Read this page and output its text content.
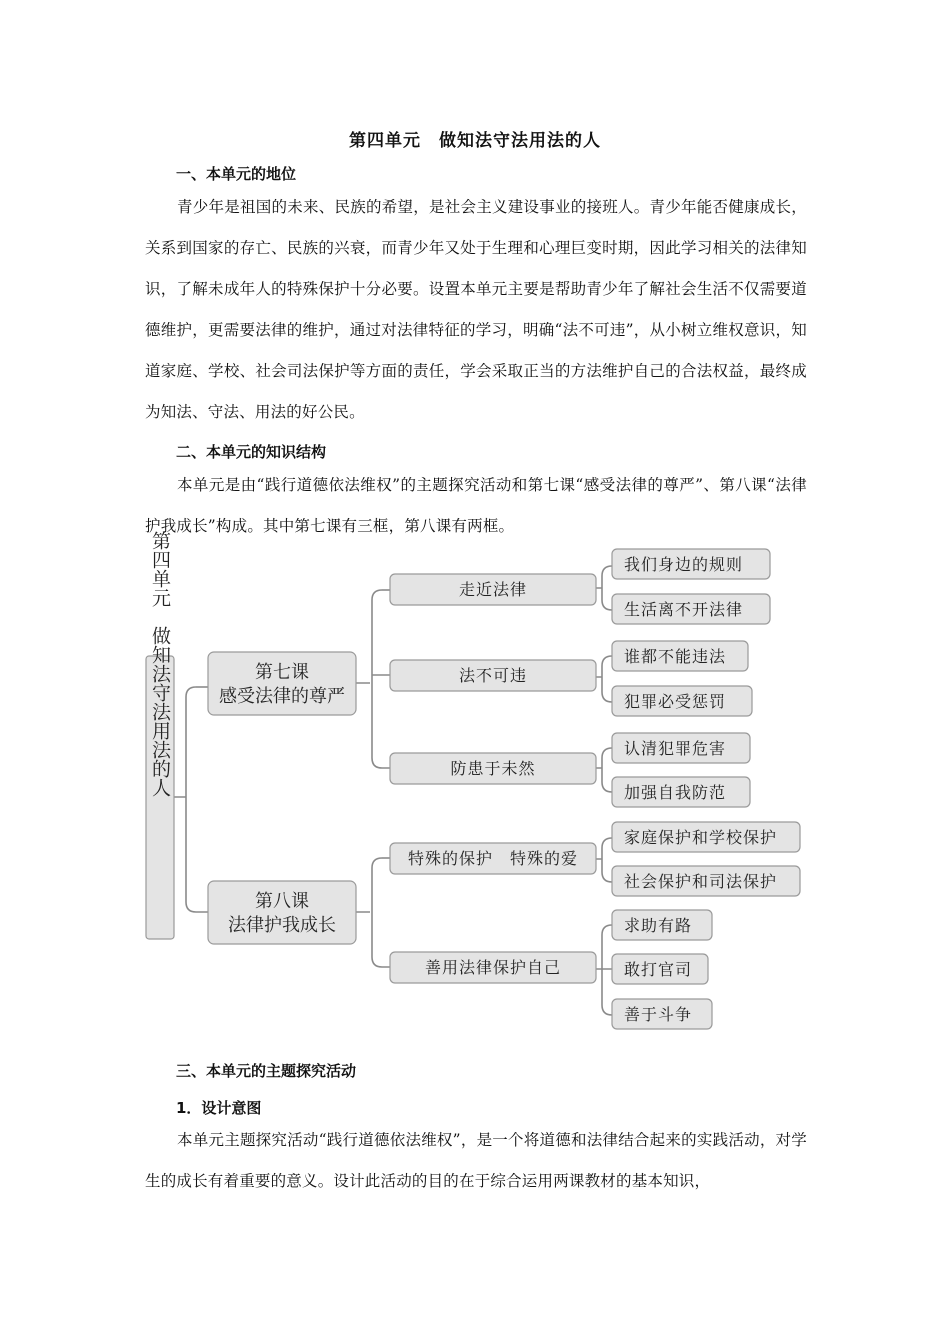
第四单元　做知法守法用法的人
一、本单元的地位
青少年是祖国的未来、民族的希望，是社会主义建设事业的接班人。青少年能否健康成长，关系到国家的存亡、民族的兴衰，而青少年又处于生理和心理巨变时期，因此学习相关的法律知识，了解未成年人的特殊保护十分必要。设置本单元主要是帮助青少年了解社会生活不仅需要道德维护，更需要法律的维护，通过对法律特征的学习，明确“法不可违”，从小树立维权意识，知道家庭、学校、社会司法保护等方面的责任，学会采取正当的方法维护自己的合法权益，最终成为知法、守法、用法的好公民。
二、本单元的知识结构
本单元是由“践行道德依法维权”的主题探究活动和第七课“感受法律的尊严”、第八课“法律护我成长”构成。其中第七课有三框，第八课有两框。
第四单元　做知法守法用法的人	第七课
感受法律的尊严
第八课
法律护我成长
走近法律
法不可违
防患于未然
特殊的保护　特殊的爱
善用法律保护自己
我们身边的规则
生活离不开法律
谁都不能违法
犯罪必受惩罚
认清犯罪危害
加强自我防范
家庭保护和学校保护
社会保护和司法保护
求助有路
敢打官司
善于斗争
三、本单元的主题探究活动
1．设计意图
本单元主题探究活动“践行道德依法维权”，是一个将道德和法律结合起来的实践活动，对学生的成长有着重要的意义。设计此活动的目的在于综合运用两课教材的基本知识，
